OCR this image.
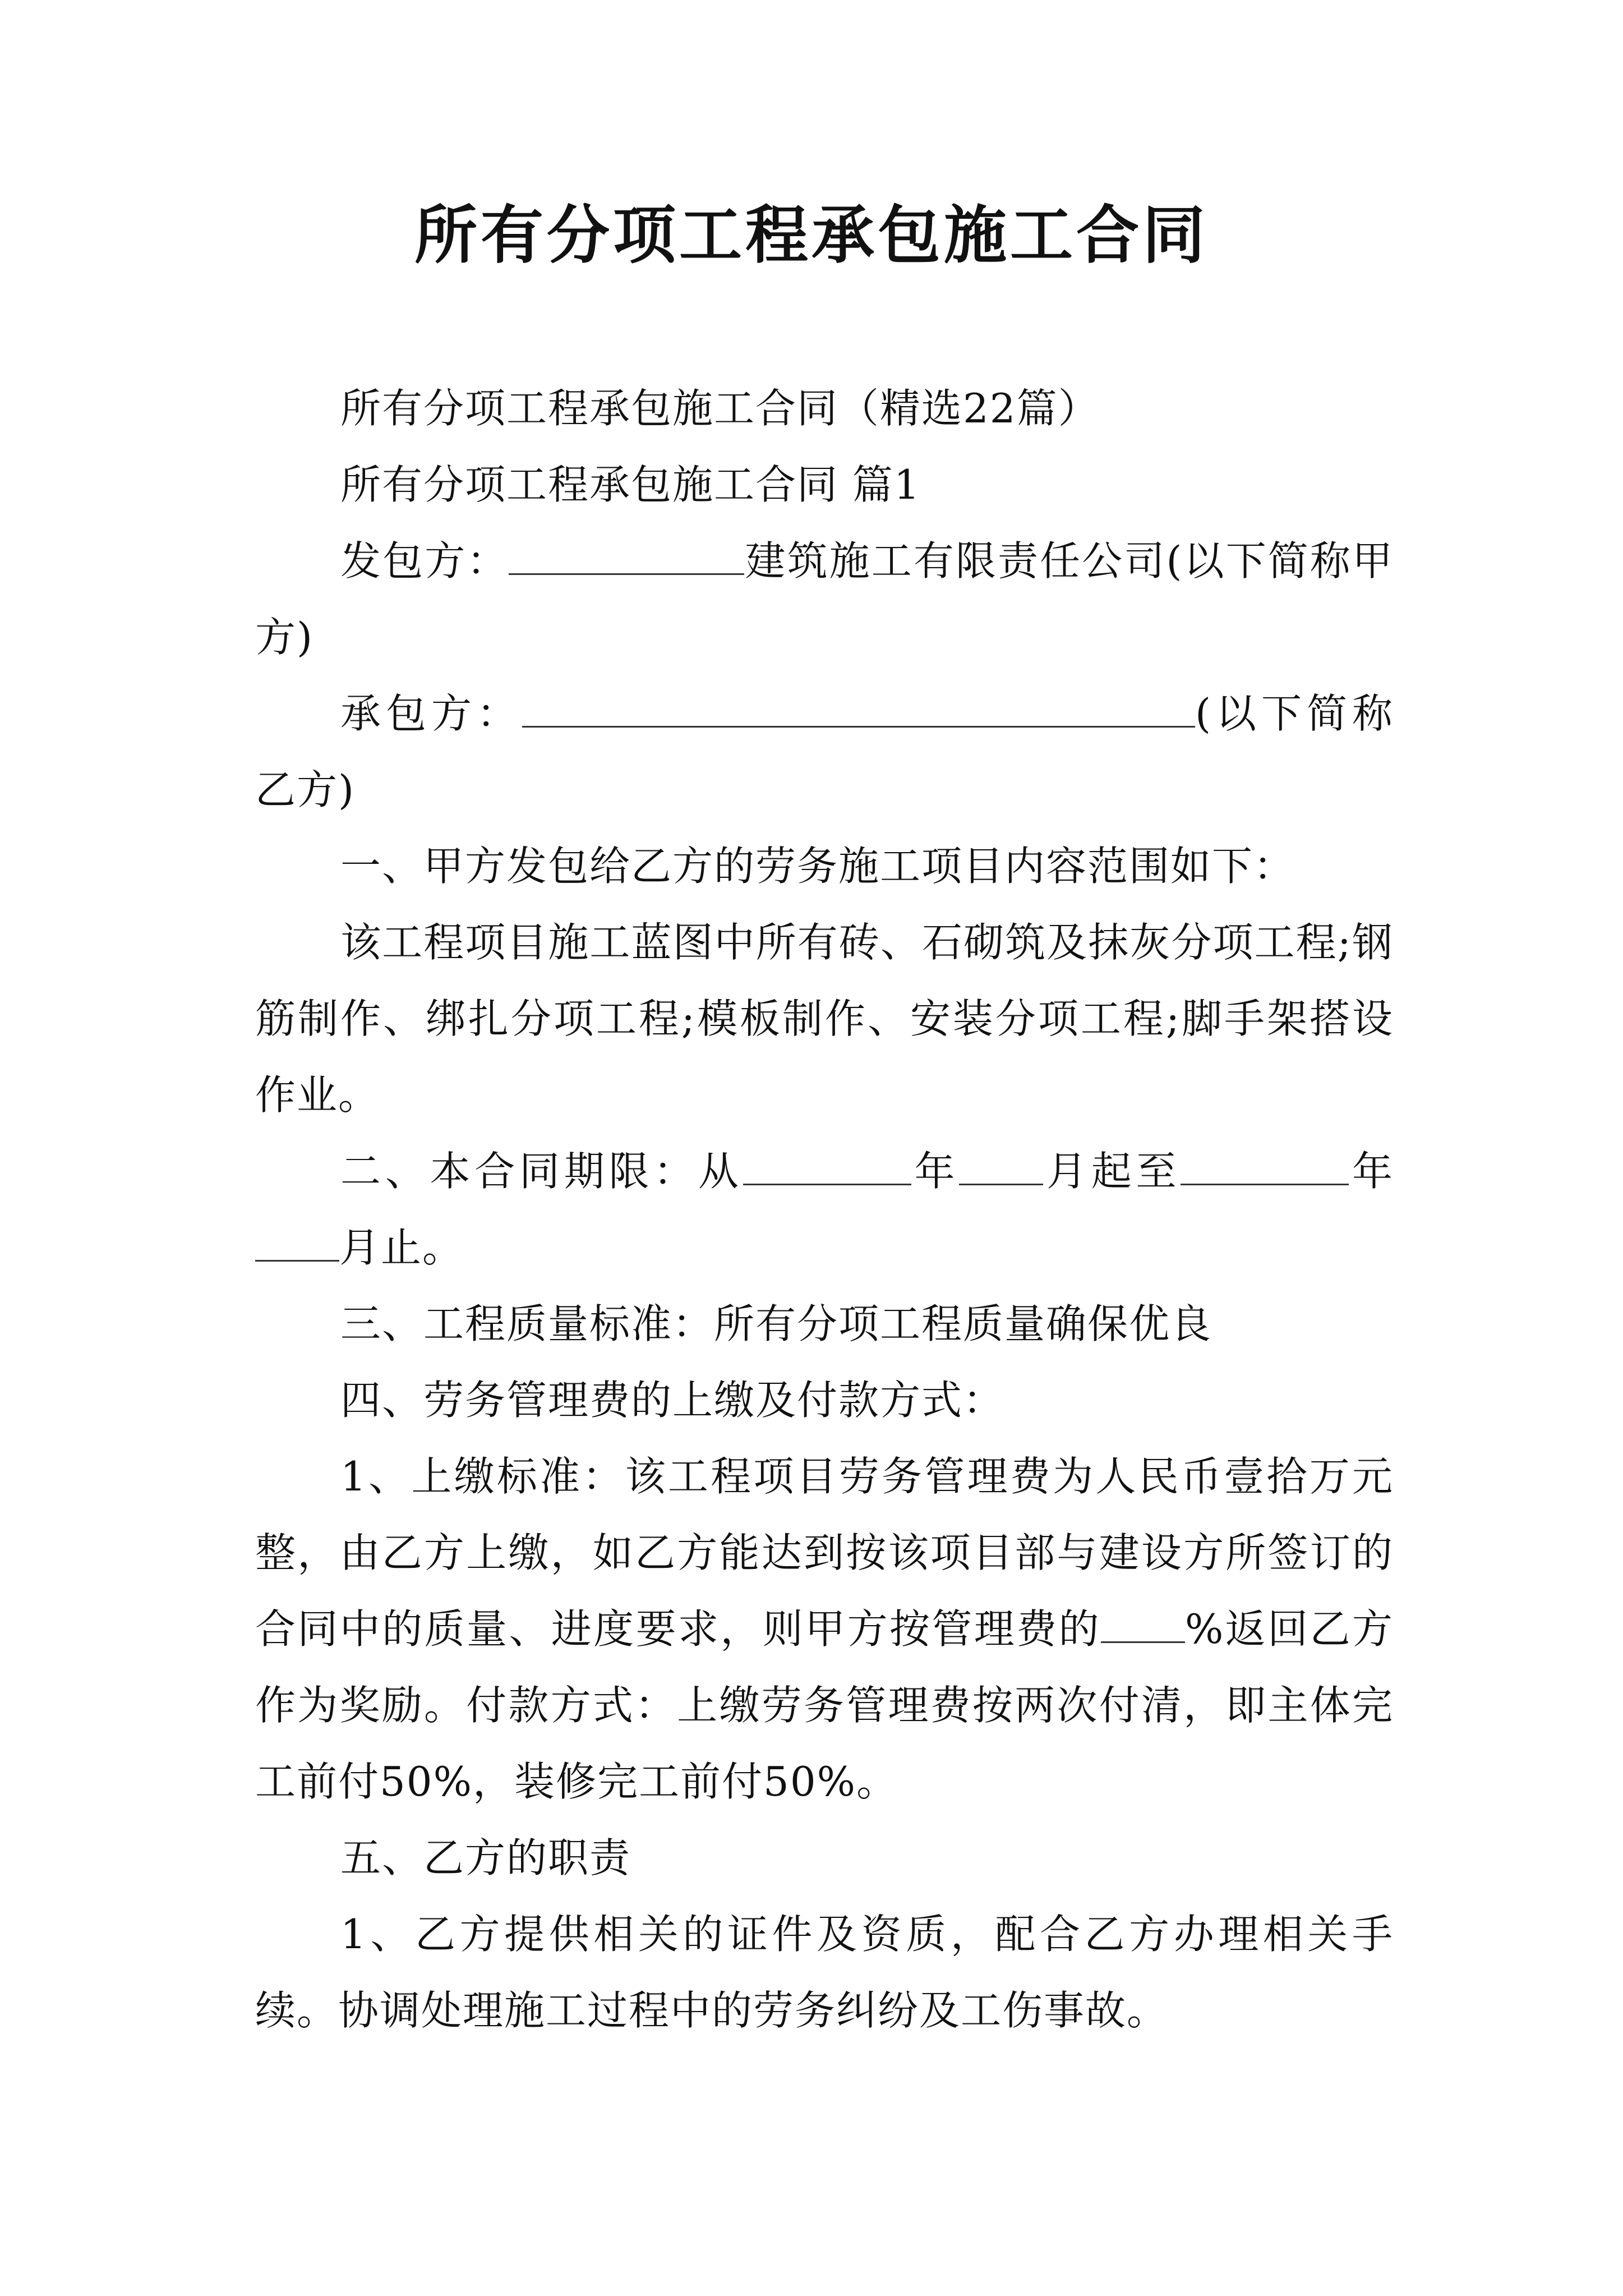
所有分项工程承包施工合同

所有分项工程承包施工合同（精选22篇）

所有分项工程承包施工合同 篇1

发包方：	建筑施工有限责任公司(以下简称甲方)

承包方：	(以下简称乙方)

一、甲方发包给乙方的劳务施工项目内容范围如下：

该工程项目施工蓝图中所有砖、石砌筑及抹灰分项工程;钢筋制作、绑扎分项工程;模板制作、安装分项工程;脚手架搭设作业。

二、本合同期限：从	年 月起至	年月止。

三、工程质量标准：所有分项工程质量确保优良

四、劳务管理费的上缴及付款方式：

1、上缴标准：该工程项目劳务管理费为人民币壹拾万元整，由乙方上缴，如乙方能达到按该项目部与建设方所签订的合同中的质量、进度要求，则甲方按管理费的 %返回乙方作为奖励。付款方式：上缴劳务管理费按两次付清，即主体完工前付50%，装修完工前付50%。

五、乙方的职责

1、乙方提供相关的证件及资质，配合乙方办理相关手续。协调处理施工过程中的劳务纠纷及工伤事故。
